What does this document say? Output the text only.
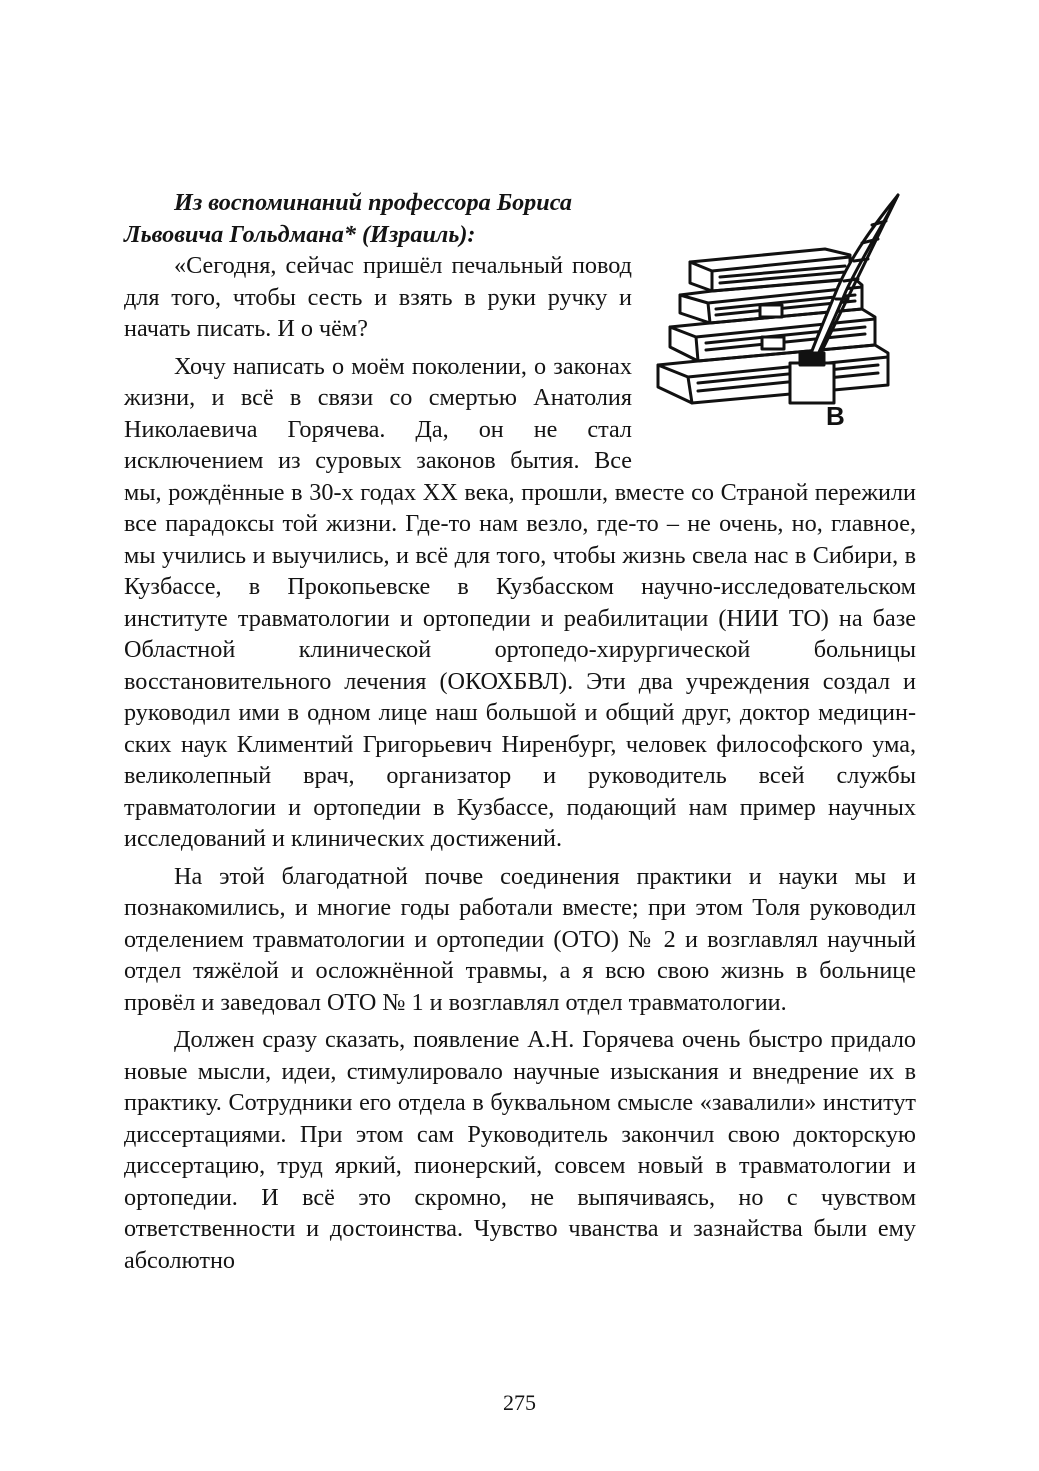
В

Из воспоминаний профессора Бориса Львовича Гольдмана* (Израиль):

«Сегодня, сейчас пришёл печальный повод для того, чтобы сесть и взять в руки ручку и начать писать. И о чём?

Хочу написать о моём поколении, о законах жизни, и всё в связи со смертью Анатолия Николаевича Горячева. Да, он не стал исключением из суровых законов бытия. Все мы, рождённые в 30-х годах XX века, прошли, вместе со Страной пережили все парадоксы той жизни. Где-то нам везло, где-то – не очень, но, главное, мы учились и выучились, и всё для того, чтобы жизнь свела нас в Сибири, в Кузбассе, в Прокопьевске в Кузбасском научно-исследовательском институте травматологии и ортопедии и реабилитации (НИИ ТО) на базе Областной клинической ортопедо-хирургической больницы восстановительного лечения (ОКОХБВЛ). Эти два учреждения создал и руководил ими в одном лице наш большой и общий друг, доктор медицинских наук Климентий Григорьевич Ниренбург, человек философского ума, великолепный врач, организатор и руководитель всей службы травматологии и ортопедии в Кузбассе, подающий нам пример научных исследований и клинических достижений.

На этой благодатной почве соединения практики и науки мы и познакомились, и многие годы работали вместе; при этом Толя руководил отделением травматологии и ортопедии (ОТО) № 2 и возглавлял научный отдел тяжёлой и осложнённой травмы, а я всю свою жизнь в больнице провёл и заведовал ОТО № 1 и возглавлял отдел травматологии.

Должен сразу сказать, появление А.Н. Горячева очень быстро придало новые мысли, идеи, стимулировало научные изыскания и внедрение их в практику. Сотрудники его отдела в буквальном смысле «завалили» институт диссертациями. При этом сам Руководитель закончил свою докторскую диссертацию, труд яркий, пионерский, совсем новый в травматологии и ортопедии. И всё это скромно, не выпячиваясь, но с чувством ответственности и достоинства. Чувство чванства и зазнайства были ему абсолютно

275
